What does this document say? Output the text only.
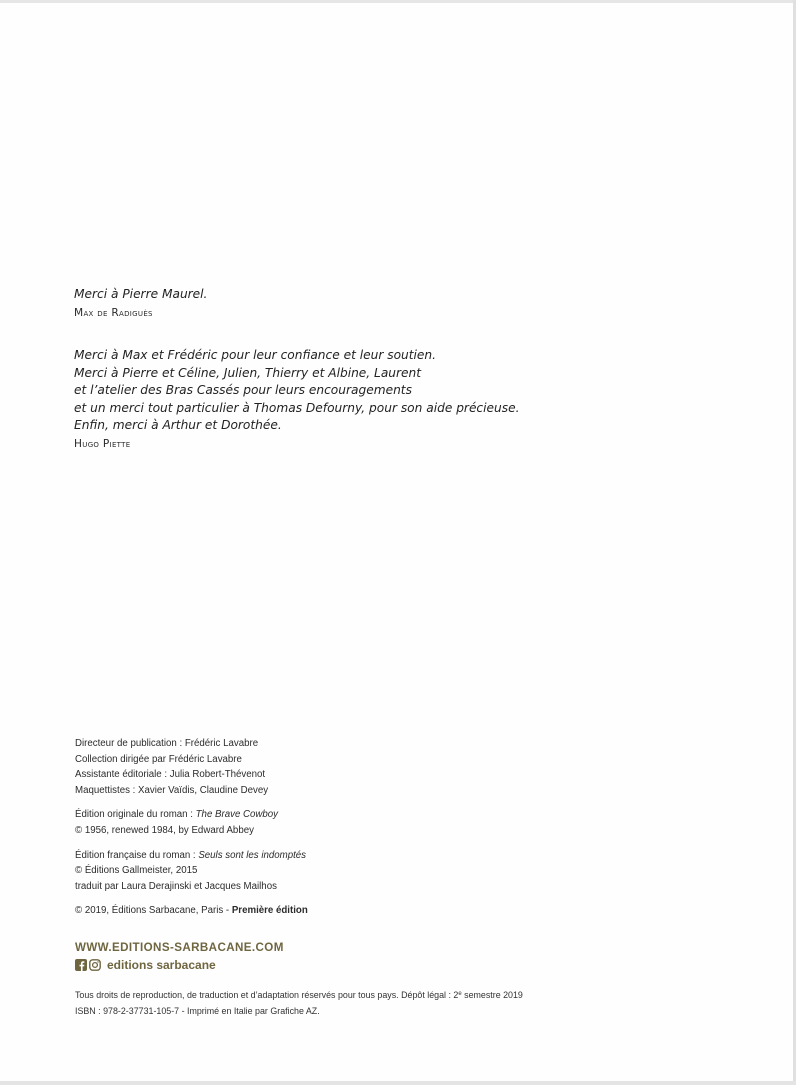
Merci à Pierre Maurel.

Max de Radiguès

Merci à Max et Frédéric pour leur confiance et leur soutien.

Merci à Pierre et Céline, Julien, Thierry et Albine, Laurent

et l’atelier des Bras Cassés pour leurs encouragements

et un merci tout particulier à Thomas Defourny, pour son aide précieuse.

Enfin, merci à Arthur et Dorothée.

Hugo Piette

Directeur de publication : Frédéric Lavabre

Collection dirigée par Frédéric Lavabre

Assistante éditoriale : Julia Robert-Thévenot

Maquettistes : Xavier Vaïdis, Claudine Devey

Édition originale du roman : The Brave Cowboy

© 1956, renewed 1984, by Edward Abbey

Édition française du roman : Seuls sont les indomptés

© Éditions Gallmeister, 2015

traduit par Laura Derajinski et Jacques Mailhos

© 2019, Éditions Sarbacane, Paris - Première édition

WWW.EDITIONS-SARBACANE.COM

editions sarbacane

Tous droits de reproduction, de traduction et d’adaptation réservés pour tous pays. Dépôt légal : 2e semestre 2019

ISBN : 978-2-37731-105-7 - Imprimé en Italie par Grafiche AZ.
